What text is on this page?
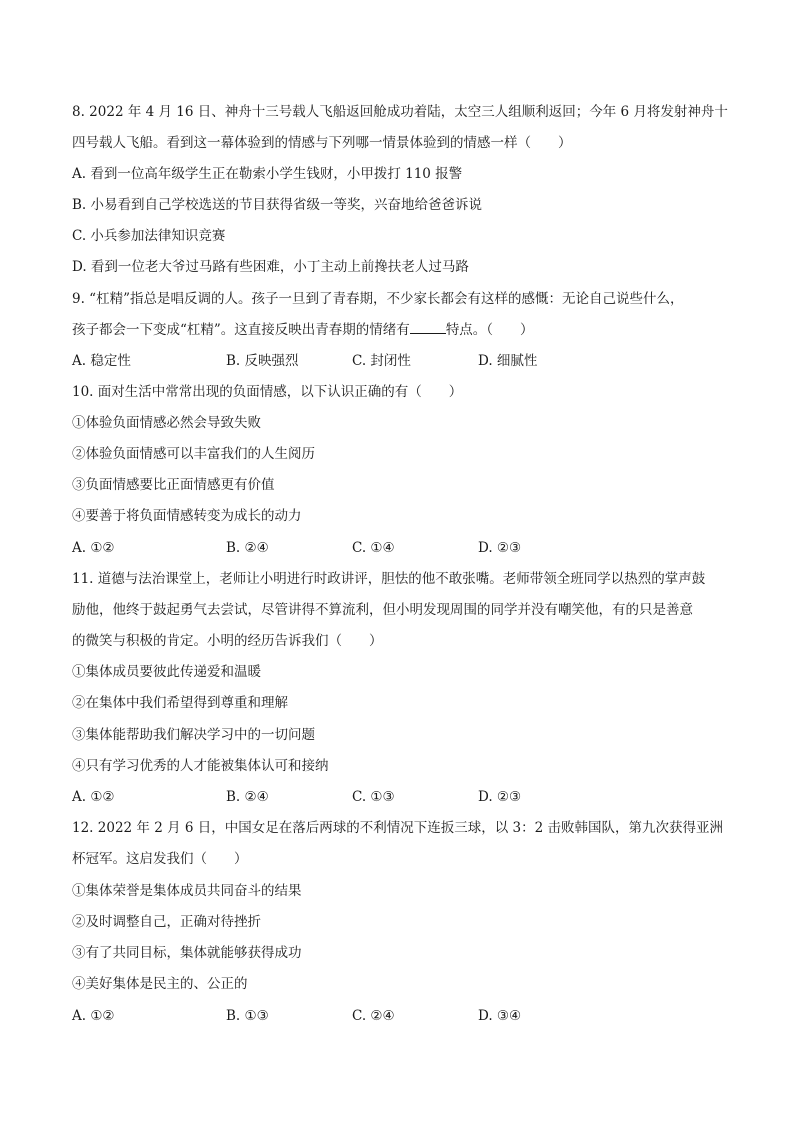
8. 2022 年 4 月 16 日、神舟十三号载人飞船返回舱成功着陆，太空三人组顺利返回；今年 6 月将发射神舟十
四号载人飞船。看到这一幕体验到的情感与下列哪一情景体验到的情感一样（　　）
A. 看到一位高年级学生正在勒索小学生钱财，小甲拨打 110 报警
B. 小易看到自己学校选送的节目获得省级一等奖，兴奋地给爸爸诉说
C. 小兵参加法律知识竞赛
D. 看到一位老大爷过马路有些困难，小丁主动上前搀扶老人过马路
9. “杠精”指总是唱反调的人。孩子一旦到了青春期，不少家长都会有这样的感慨：无论自己说些什么，
孩子都会一下变成“杠精”。这直接反映出青春期的情绪有	特点。（　　）
A. 稳定性	B. 反映强烈	C. 封闭性	D. 细腻性
10. 面对生活中常常出现的负面情感，以下认识正确的有（　　）
①体验负面情感必然会导致失败
②体验负面情感可以丰富我们的人生阅历
③负面情感要比正面情感更有价值
④要善于将负面情感转变为成长的动力
A. ①②	B. ②④	C. ①④	D. ②③
11. 道德与法治课堂上，老师让小明进行时政讲评，胆怯的他不敢张嘴。老师带领全班同学以热烈的掌声鼓
励他，他终于鼓起勇气去尝试，尽管讲得不算流利，但小明发现周围的同学并没有嘲笑他，有的只是善意
的微笑与积极的肯定。小明的经历告诉我们（　　）
①集体成员要彼此传递爱和温暖
②在集体中我们希望得到尊重和理解
③集体能帮助我们解决学习中的一切问题
④只有学习优秀的人才能被集体认可和接纳
A. ①②	B. ②④	C. ①③	D. ②③
12. 2022 年 2 月 6 日，中国女足在落后两球的不利情况下连扳三球，以 3：2 击败韩国队，第九次获得亚洲
杯冠军。这启发我们（　　）
①集体荣誉是集体成员共同奋斗的结果
②及时调整自己，正确对待挫折
③有了共同目标，集体就能够获得成功
④美好集体是民主的、公正的
A. ①②	B. ①③	C. ②④	D. ③④
